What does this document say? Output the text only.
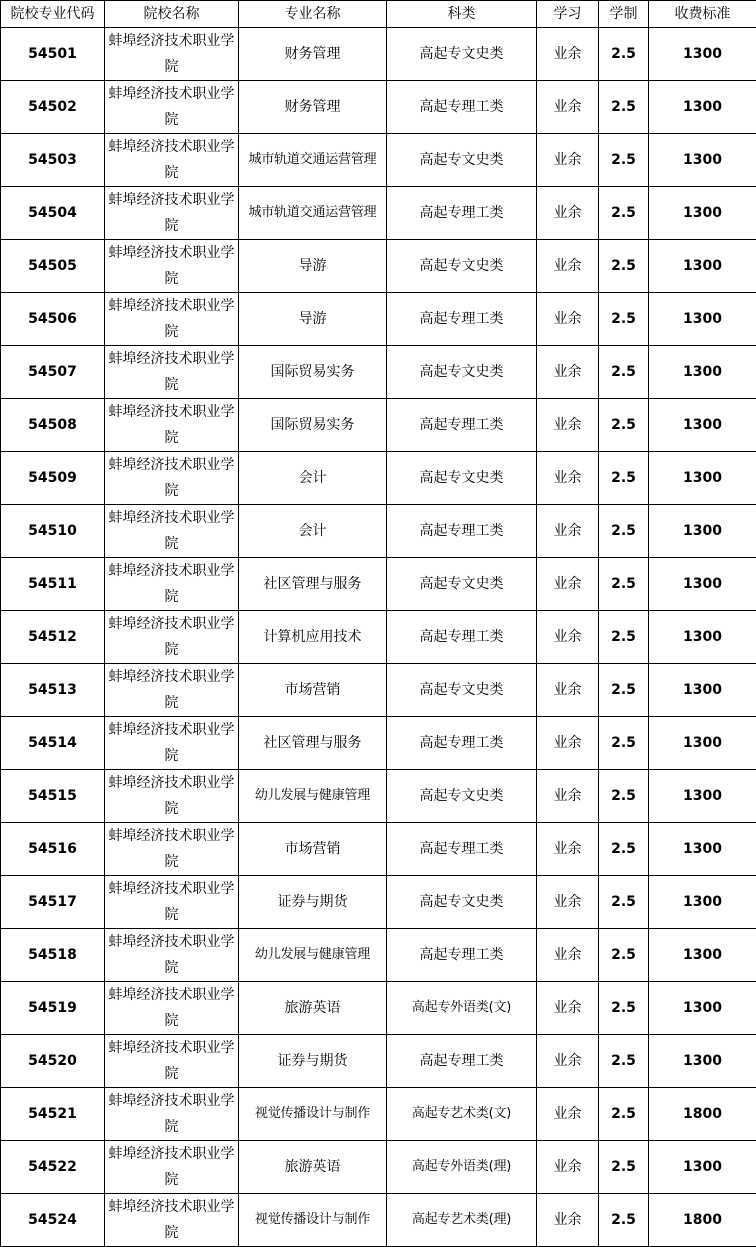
院校专业代码	院校名称	专业名称	科类	学习	学制	收费标准
54501	蚌埠经济技术职业学院	财务管理	高起专文史类	业余	2.5	1300
54502	蚌埠经济技术职业学院	财务管理	高起专理工类	业余	2.5	1300
54503	蚌埠经济技术职业学院	城市轨道交通运营管理	高起专文史类	业余	2.5	1300
54504	蚌埠经济技术职业学院	城市轨道交通运营管理	高起专理工类	业余	2.5	1300
54505	蚌埠经济技术职业学院	导游	高起专文史类	业余	2.5	1300
54506	蚌埠经济技术职业学院	导游	高起专理工类	业余	2.5	1300
54507	蚌埠经济技术职业学院	国际贸易实务	高起专文史类	业余	2.5	1300
54508	蚌埠经济技术职业学院	国际贸易实务	高起专理工类	业余	2.5	1300
54509	蚌埠经济技术职业学院	会计	高起专文史类	业余	2.5	1300
54510	蚌埠经济技术职业学院	会计	高起专理工类	业余	2.5	1300
54511	蚌埠经济技术职业学院	社区管理与服务	高起专文史类	业余	2.5	1300
54512	蚌埠经济技术职业学院	计算机应用技术	高起专理工类	业余	2.5	1300
54513	蚌埠经济技术职业学院	市场营销	高起专文史类	业余	2.5	1300
54514	蚌埠经济技术职业学院	社区管理与服务	高起专理工类	业余	2.5	1300
54515	蚌埠经济技术职业学院	幼儿发展与健康管理	高起专文史类	业余	2.5	1300
54516	蚌埠经济技术职业学院	市场营销	高起专理工类	业余	2.5	1300
54517	蚌埠经济技术职业学院	证券与期货	高起专文史类	业余	2.5	1300
54518	蚌埠经济技术职业学院	幼儿发展与健康管理	高起专理工类	业余	2.5	1300
54519	蚌埠经济技术职业学院	旅游英语	高起专外语类(文)	业余	2.5	1300
54520	蚌埠经济技术职业学院	证券与期货	高起专理工类	业余	2.5	1300
54521	蚌埠经济技术职业学院	视觉传播设计与制作	高起专艺术类(文)	业余	2.5	1800
54522	蚌埠经济技术职业学院	旅游英语	高起专外语类(理)	业余	2.5	1300
54524	蚌埠经济技术职业学院	视觉传播设计与制作	高起专艺术类(理)	业余	2.5	1800
